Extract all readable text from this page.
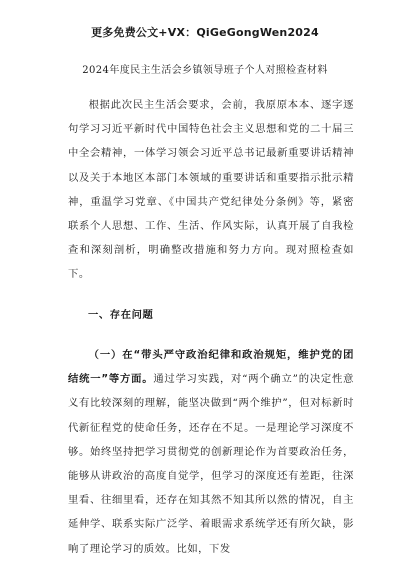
更多免费公文+VX：QiGeGongWen2024
2024年度民主生活会乡镇领导班子个人对照检查材料

根据此次民主生活会要求，会前，我原原本本、逐字逐句学习习近平新时代中国特色社会主义思想和党的二十届三中全会精神，一体学习领会习近平总书记最新重要讲话精神以及关于本地区本部门本领域的重要讲话和重要指示批示精神，重温学习党章、《中国共产党纪律处分条例》等，紧密联系个人思想、工作、生活、作风实际，认真开展了自我检查和深刻剖析，明确整改措施和努力方向。现对照检查如下。

一、存在问题

（一）在“带头严守政治纪律和政治规矩，维护党的团结统一”等方面。通过学习实践，对“两个确立”的决定性意义有比较深刻的理解，能坚决做到“两个维护”，但对标新时代新征程党的使命任务，还存在不足。一是理论学习深度不够。始终坚持把学习贯彻党的创新理论作为首要政治任务，能够从讲政治的高度自觉学，但学习的深度还有差距，往深里看、往细里看，还存在知其然不知其所以然的情况，自主延伸学、联系实际广泛学、着眼需求系统学还有所欠缺，影响了理论学习的质效。比如，下发
